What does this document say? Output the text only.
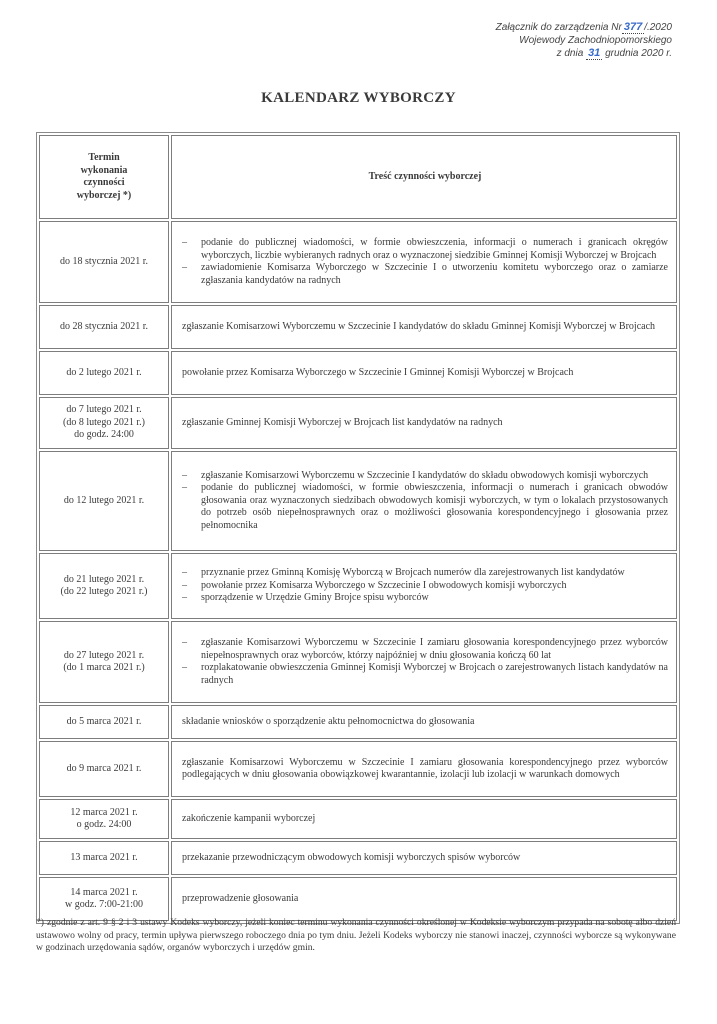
Załącznik do zarządzenia Nr 377 /.2020
Wojewody Zachodniopomorskiego
z dnia 31 grudnia 2020 r.
KALENDARZ WYBORCZY
Termin
wykonania
czynności
wyborczej *)		Treść czynności wyborczej

do 18 stycznia 2021 r.

– podanie do publicznej wiadomości, w formie obwieszczenia, informacji o numerach i granicach okręgów wyborczych, liczbie wybieranych radnych oraz o wyznaczonej siedzibie Gminnej Komisji Wyborczej w Brojcach
– zawiadomienie Komisarza Wyborczego w Szczecinie I o utworzeniu komitetu wyborczego oraz o zamiarze zgłaszania kandydatów na radnych

do 28 stycznia 2021 r.		zgłaszanie Komisarzowi Wyborczemu w Szczecinie I kandydatów do składu Gminnej Komisji Wyborczej w Brojcach

do 2 lutego 2021 r.		powołanie przez Komisarza Wyborczego w Szczecinie I Gminnej Komisji Wyborczej w Brojcach

do 7 lutego 2021 r.
(do 8 lutego 2021 r.)
do godz. 24:00		zgłaszanie Gminnej Komisji Wyborczej w Brojcach list kandydatów na radnych

do 12 lutego 2021 r.

– zgłaszanie Komisarzowi Wyborczemu w Szczecinie I kandydatów do składu obwodowych komisji wyborczych
– podanie do publicznej wiadomości, w formie obwieszczenia, informacji o numerach i granicach obwodów głosowania oraz wyznaczonych siedzibach obwodowych komisji wyborczych, w tym o lokalach przystosowanych do potrzeb osób niepełnosprawnych oraz o możliwości głosowania korespondencyjnego i głosowania przez pełnomocnika

do 21 lutego 2021 r.
(do 22 lutego 2021 r.)

– przyznanie przez Gminną Komisję Wyborczą w Brojcach numerów dla zarejestrowanych list kandydatów
– powołanie przez Komisarza Wyborczego w Szczecinie I obwodowych komisji wyborczych
– sporządzenie w Urzędzie Gminy Brojce spisu wyborców

do 27 lutego 2021 r.
(do 1 marca 2021 r.)

– zgłaszanie Komisarzowi Wyborczemu w Szczecinie I zamiaru głosowania korespondencyjnego przez wyborców niepełnosprawnych oraz wyborców, którzy najpóźniej w dniu głosowania kończą 60 lat
– rozplakatowanie obwieszczenia Gminnej Komisji Wyborczej w Brojcach o zarejestrowanych listach kandydatów na radnych

do 5 marca 2021 r.		składanie wniosków o sporządzenie aktu pełnomocnictwa do głosowania

do 9 marca 2021 r.		zgłaszanie Komisarzowi Wyborczemu w Szczecinie I zamiaru głosowania korespondencyjnego przez wyborców podlegających w dniu głosowania obowiązkowej kwarantannie, izolacji lub izolacji w warunkach domowych

12 marca 2021 r.
o godz. 24:00		zakończenie kampanii wyborczej

13 marca 2021 r.		przekazanie przewodniczącym obwodowych komisji wyborczych spisów wyborców

14 marca 2021 r.
w godz. 7:00-21:00		przeprowadzenie głosowania
*) zgodnie z art. 9 § 2 i 3 ustawy Kodeks wyborczy, jeżeli koniec terminu wykonania czynności określonej w Kodeksie wyborczym przypada na sobotę albo dzień ustawowo wolny od pracy, termin upływa pierwszego roboczego dnia po tym dniu. Jeżeli Kodeks wyborczy nie stanowi inaczej, czynności wyborcze są wykonywane w godzinach urzędowania sądów, organów wyborczych i urzędów gmin.
